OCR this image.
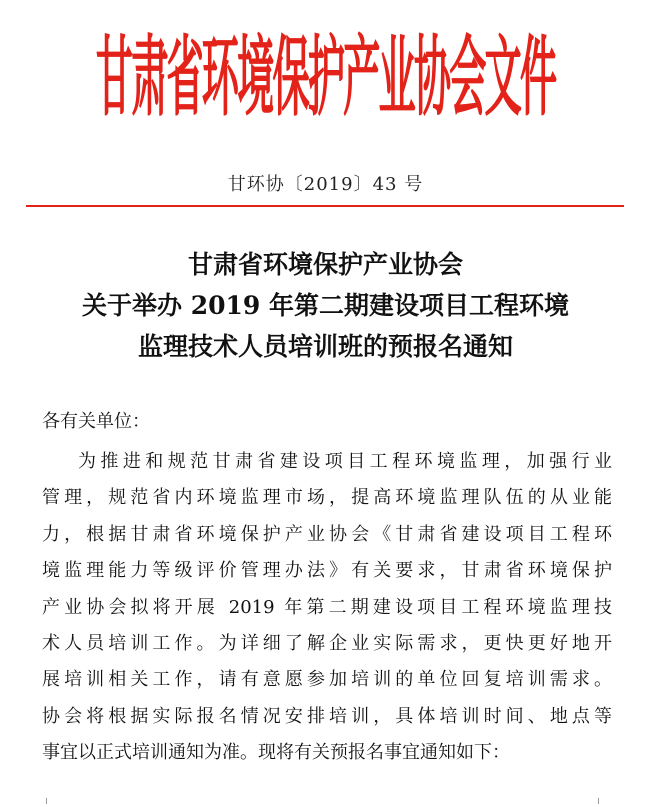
甘肃省环境保护产业协会文件
甘环协〔2019〕43 号
甘肃省环境保护产业协会
关于举办 2019 年第二期建设项目工程环境
监理技术人员培训班的预报名通知
各有关单位：
为推进和规范甘肃省建设项目工程环境监理，加强行业
管理，规范省内环境监理市场，提高环境监理队伍的从业能
力，根据甘肃省环境保护产业协会《甘肃省建设项目工程环
境监理能力等级评价管理办法》有关要求，甘肃省环境保护
产业协会拟将开展 2019 年第二期建设项目工程环境监理技
术人员培训工作。为详细了解企业实际需求，更快更好地开
展培训相关工作，请有意愿参加培训的单位回复培训需求。
协会将根据实际报名情况安排培训，具体培训时间、地点等
事宜以正式培训通知为准。现将有关预报名事宜通知如下：
